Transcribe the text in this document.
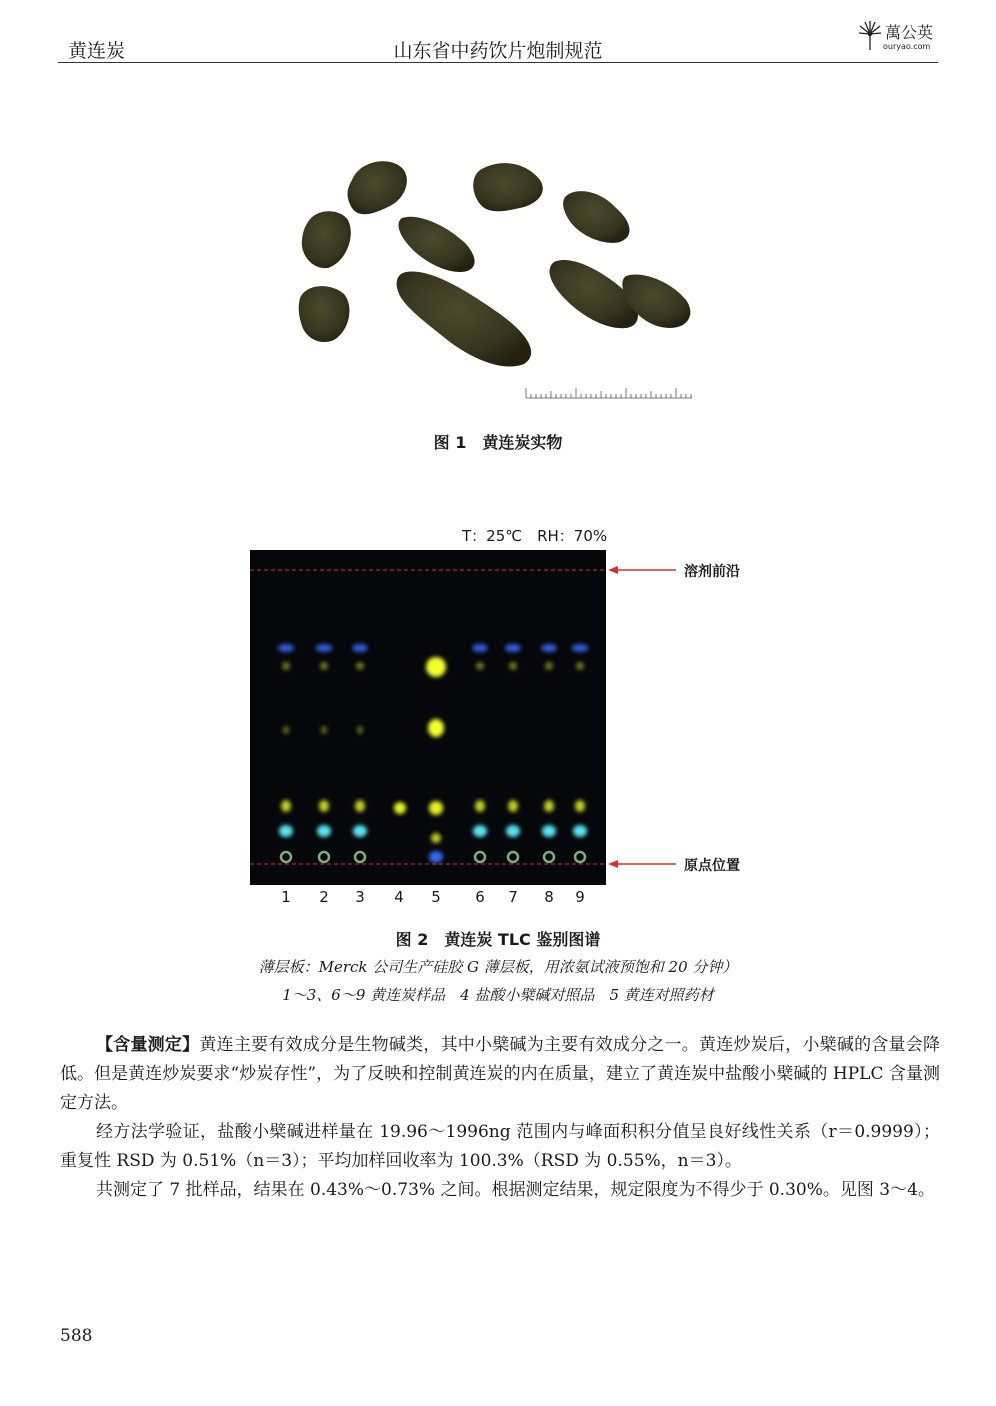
黄连炭	山东省中药饮片炮制规范
萬公英
ouryao.com
图 1　黄连炭实物
T：25℃　RH：70%
溶剂前沿
原点位置
1 2 3 4 5 6 7 8 9
图 2　黄连炭 TLC 鉴别图谱
薄层板：Merck 公司生产硅胶 G 薄层板，用浓氨试液预饱和 20 分钟）
1～3、6～9 黄连炭样品　4 盐酸小檗碱对照品　5 黄连对照药材
【含量测定】黄连主要有效成分是生物碱类，其中小檗碱为主要有效成分之一。黄连炒炭后，小檗碱的含量会降低。但是黄连炒炭要求“炒炭存性”，为了反映和控制黄连炭的内在质量，建立了黄连炭中盐酸小檗碱的 HPLC 含量测定方法。
经方法学验证，盐酸小檗碱进样量在 19.96～1996ng 范围内与峰面积积分值呈良好线性关系（r＝0.9999）；重复性 RSD 为 0.51%（n＝3）；平均加样回收率为 100.3%（RSD 为 0.55%，n＝3）。
共测定了 7 批样品，结果在 0.43%～0.73% 之间。根据测定结果，规定限度为不得少于 0.30%。见图 3～4。
588
